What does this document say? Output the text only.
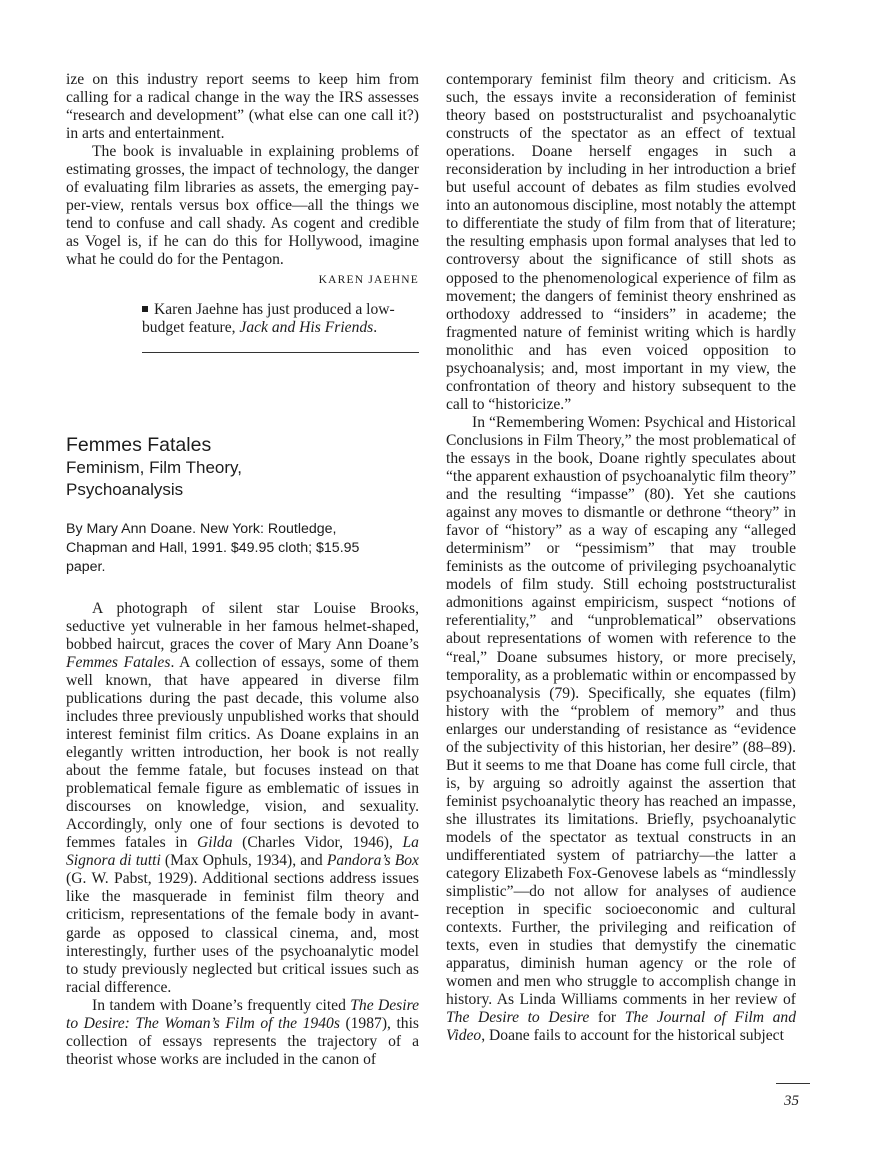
ize on this industry report seems to keep him from calling for a radical change in the way the IRS assesses “research and development” (what else can one call it?) in arts and entertainment.

The book is invaluable in explaining problems of estimating grosses, the impact of technology, the danger of evaluating film libraries as assets, the emerging pay-per-view, rentals versus box office—all the things we tend to confuse and call shady. As cogent and credible as Vogel is, if he can do this for Hollywood, imagine what he could do for the Pentagon.

KAREN JAEHNE

Karen Jaehne has just produced a low-budget feature, Jack and His Friends.

Femmes Fatales
Feminism, Film Theory,
Psychoanalysis

By Mary Ann Doane. New York: Routledge, Chapman and Hall, 1991. $49.95 cloth; $15.95 paper.

A photograph of silent star Louise Brooks, seductive yet vulnerable in her famous helmet-shaped, bobbed haircut, graces the cover of Mary Ann Doane’s Femmes Fatales. A collection of essays, some of them well known, that have appeared in diverse film publications during the past decade, this volume also includes three previously unpublished works that should interest feminist film critics. As Doane explains in an elegantly written introduction, her book is not really about the femme fatale, but focuses instead on that problematical female figure as emblematic of issues in discourses on knowledge, vision, and sexuality. Accordingly, only one of four sections is devoted to femmes fatales in Gilda (Charles Vidor, 1946), La Signora di tutti (Max Ophuls, 1934), and Pandora’s Box (G. W. Pabst, 1929). Additional sections address issues like the masquerade in feminist film theory and criticism, representations of the female body in avant-garde as opposed to classical cinema, and, most interestingly, further uses of the psychoanalytic model to study previously neglected but critical issues such as racial difference.

In tandem with Doane’s frequently cited The Desire to Desire: The Woman’s Film of the 1940s (1987), this collection of essays represents the trajectory of a theorist whose works are included in the canon of

contemporary feminist film theory and criticism. As such, the essays invite a reconsideration of feminist theory based on poststructuralist and psychoanalytic constructs of the spectator as an effect of textual operations. Doane herself engages in such a reconsideration by including in her introduction a brief but useful account of debates as film studies evolved into an autonomous discipline, most notably the attempt to differentiate the study of film from that of literature; the resulting emphasis upon formal analyses that led to controversy about the significance of still shots as opposed to the phenomenological experience of film as movement; the dangers of feminist theory enshrined as orthodoxy addressed to “insiders” in academe; the fragmented nature of feminist writing which is hardly monolithic and has even voiced opposition to psychoanalysis; and, most important in my view, the confrontation of theory and history subsequent to the call to “historicize.”

In “Remembering Women: Psychical and Historical Conclusions in Film Theory,” the most problematical of the essays in the book, Doane rightly speculates about “the apparent exhaustion of psychoanalytic film theory” and the resulting “impasse” (80). Yet she cautions against any moves to dismantle or dethrone “theory” in favor of “history” as a way of escaping any “alleged determinism” or “pessimism” that may trouble feminists as the outcome of privileging psychoanalytic models of film study. Still echoing poststructuralist admonitions against empiricism, suspect “notions of referentiality,” and “unproblematical” observations about representations of women with reference to the “real,” Doane subsumes history, or more precisely, temporality, as a problematic within or encompassed by psychoanalysis (79). Specifically, she equates (film) history with the “problem of memory” and thus enlarges our understanding of resistance as “evidence of the subjectivity of this historian, her desire” (88–89). But it seems to me that Doane has come full circle, that is, by arguing so adroitly against the assertion that feminist psychoanalytic theory has reached an impasse, she illustrates its limitations. Briefly, psychoanalytic models of the spectator as textual constructs in an undifferentiated system of patriarchy—the latter a category Elizabeth Fox-Genovese labels as “mindlessly simplistic”—do not allow for analyses of audience reception in specific socioeconomic and cultural contexts. Further, the privileging and reification of texts, even in studies that demystify the cinematic apparatus, diminish human agency or the role of women and men who struggle to accomplish change in history. As Linda Williams comments in her review of The Desire to Desire for The Journal of Film and Video, Doane fails to account for the historical subject

35
